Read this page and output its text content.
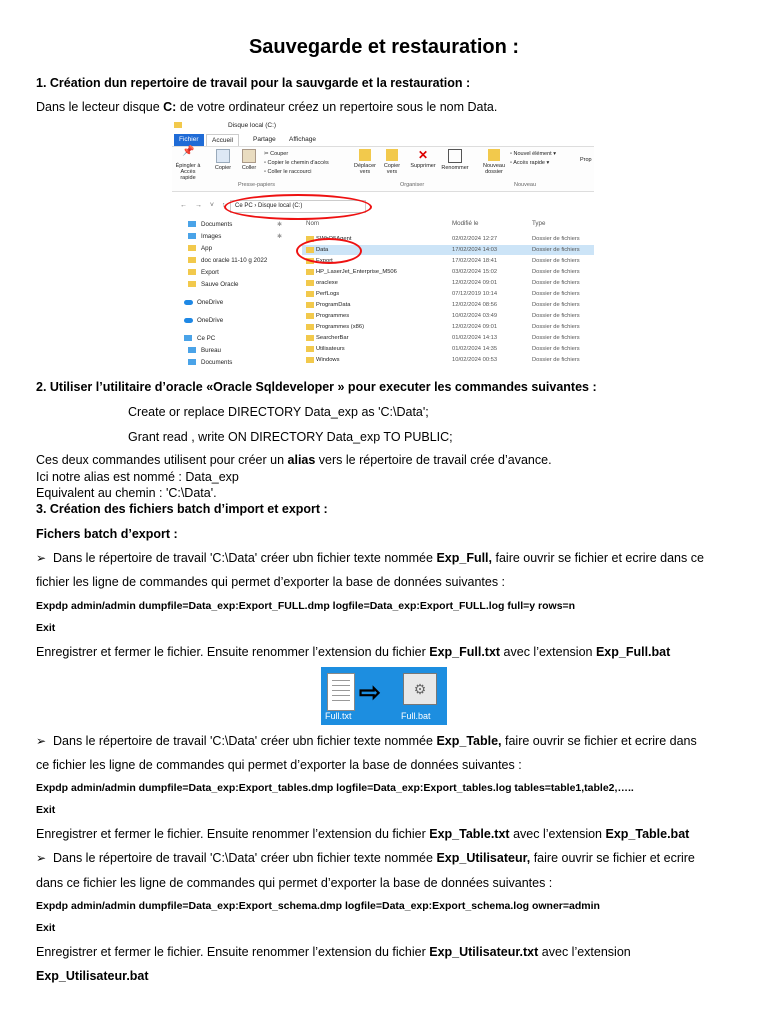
Sauvegarde et restauration :
1. Création dun repertoire de travail pour la sauvgarde et la restauration :
Dans le lecteur disque C: de votre ordinateur créez un repertoire sous le nom Data.
Disque local (C:)
Fichier	Accueil	Partage	Affichage
📌
Épingler à Accès rapide
Copier	Coller
✂ Couper
▫ Copier le chemin d'accès
▫ Coller le raccourci
Déplacer vers
Copier vers
✕
Supprimer	Renommer	Nouveau dossier
▫ Nouvel élément ▾
▫ Accès rapide ▾	Prop
Presse-papiers	Organiser	Nouveau
← → ˅ ↑	Ce PC › Disque local (C:)
Documents
Images
App
doc oracle 11-10 g 2022
Export
Sauve Oracle
OneDrive
OneDrive
Ce PC
Bureau
Documents
✱
✱
Nom	Modifié le	Type
SWbO5Agent	02/02/2024 12:27	Dossier de fichiers
Data	17/02/2024 14:03	Dossier de fichiers
Export	17/02/2024 18:41	Dossier de fichiers
HP_LaserJet_Enterprise_M506	03/02/2024 15:02	Dossier de fichiers
oraclexe	12/02/2024 09:01	Dossier de fichiers
PerfLogs	07/12/2019 10:14	Dossier de fichiers
ProgramData	12/02/2024 08:56	Dossier de fichiers
Programmes	10/02/2024 03:49	Dossier de fichiers
Programmes (x86)	12/02/2024 09:01	Dossier de fichiers
SearcherBar	01/02/2024 14:13	Dossier de fichiers
Utilisateurs	01/02/2024 14:35	Dossier de fichiers
Windows	10/02/2024 00:53	Dossier de fichiers
2. Utiliser l’utilitaire d’oracle «Oracle Sqldeveloper » pour executer les commandes suivantes :
Create or replace DIRECTORY Data_exp as 'C:\Data';
Grant read , write ON DIRECTORY Data_exp TO PUBLIC;
Ces deux commandes utilisent pour créer un alias vers le répertoire de travail crée d’avance.
Ici notre alias est nommé : Data_exp
Equivalent au chemin : 'C:\Data'.
3. Création des fichiers batch d’import et export :
Fichers batch d’export :
➢ Dans le répertoire de travail 'C:\Data' créer ubn fichier texte nommée Exp_Full, faire ouvrir se fichier et ecrire dans ce
fichier les ligne de commandes qui permet d’exporter la base de données suivantes :
Expdp admin/admin dumpfile=Data_exp:Export_FULL.dmp logfile=Data_exp:Export_FULL.log full=y rows=n
Exit
Enregistrer et fermer le fichier. Ensuite renommer l’extension du fichier Exp_Full.txt avec l’extension Exp_Full.bat
⇨	⚙
Full.txt	Full.bat
➢ Dans le répertoire de travail 'C:\Data' créer ubn fichier texte nommée Exp_Table, faire ouvrir se fichier et ecrire dans
ce fichier les ligne de commandes qui permet d’exporter la base de données suivantes :
Expdp admin/admin dumpfile=Data_exp:Export_tables.dmp logfile=Data_exp:Export_tables.log tables=table1,table2,…..
Exit
Enregistrer et fermer le fichier. Ensuite renommer l’extension du fichier Exp_Table.txt avec l’extension Exp_Table.bat
➢ Dans le répertoire de travail 'C:\Data' créer ubn fichier texte nommée Exp_Utilisateur, faire ouvrir se fichier et ecrire
dans ce fichier les ligne de commandes qui permet d’exporter la base de données suivantes :
Expdp admin/admin dumpfile=Data_exp:Export_schema.dmp logfile=Data_exp:Export_schema.log owner=admin
Exit
Enregistrer et fermer le fichier. Ensuite renommer l’extension du fichier Exp_Utilisateur.txt avec l’extension
Exp_Utilisateur.bat
